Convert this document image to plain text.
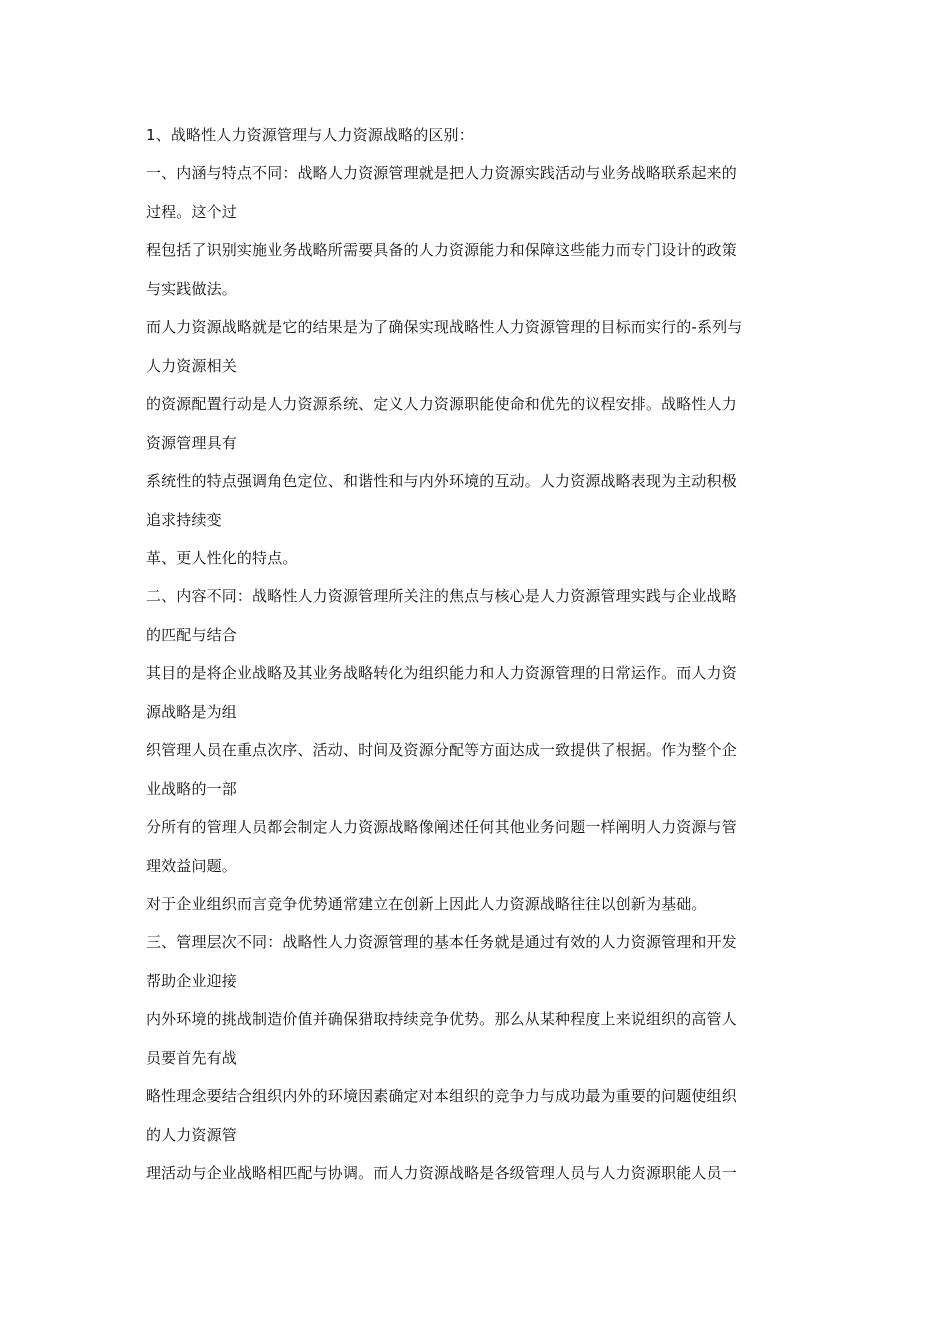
1、战略性人力资源管理与人力资源战略的区别：
一、内涵与特点不同：战略人力资源管理就是把人力资源实践活动与业务战略联系起来的
过程。这个过
程包括了识别实施业务战略所需要具备的人力资源能力和保障这些能力而专门设计的政策
与实践做法。
而人力资源战略就是它的结果是为了确保实现战略性人力资源管理的目标而实行的-系列与
人力资源相关
的资源配置行动是人力资源系统、定义人力资源职能使命和优先的议程安排。战略性人力
资源管理具有
系统性的特点强调角色定位、和谐性和与内外环境的互动。人力资源战略表现为主动积极
追求持续变
革、更人性化的特点。
二、内容不同：战略性人力资源管理所关注的焦点与核心是人力资源管理实践与企业战略
的匹配与结合
其目的是将企业战略及其业务战略转化为组织能力和人力资源管理的日常运作。而人力资
源战略是为组
织管理人员在重点次序、活动、时间及资源分配等方面达成一致提供了根据。作为整个企
业战略的一部
分所有的管理人员都会制定人力资源战略像阐述任何其他业务问题一样阐明人力资源与管
理效益问题。
对于企业组织而言竞争优势通常建立在创新上因此人力资源战略往往以创新为基础。
三、管理层次不同：战略性人力资源管理的基本任务就是通过有效的人力资源管理和开发
帮助企业迎接
内外环境的挑战制造价值并确保猎取持续竞争优势。那么从某种程度上来说组织的高管人
员要首先有战
略性理念要结合组织内外的环境因素确定对本组织的竞争力与成功最为重要的问题使组织
的人力资源管
理活动与企业战略相匹配与协调。而人力资源战略是各级管理人员与人力资源职能人员一
